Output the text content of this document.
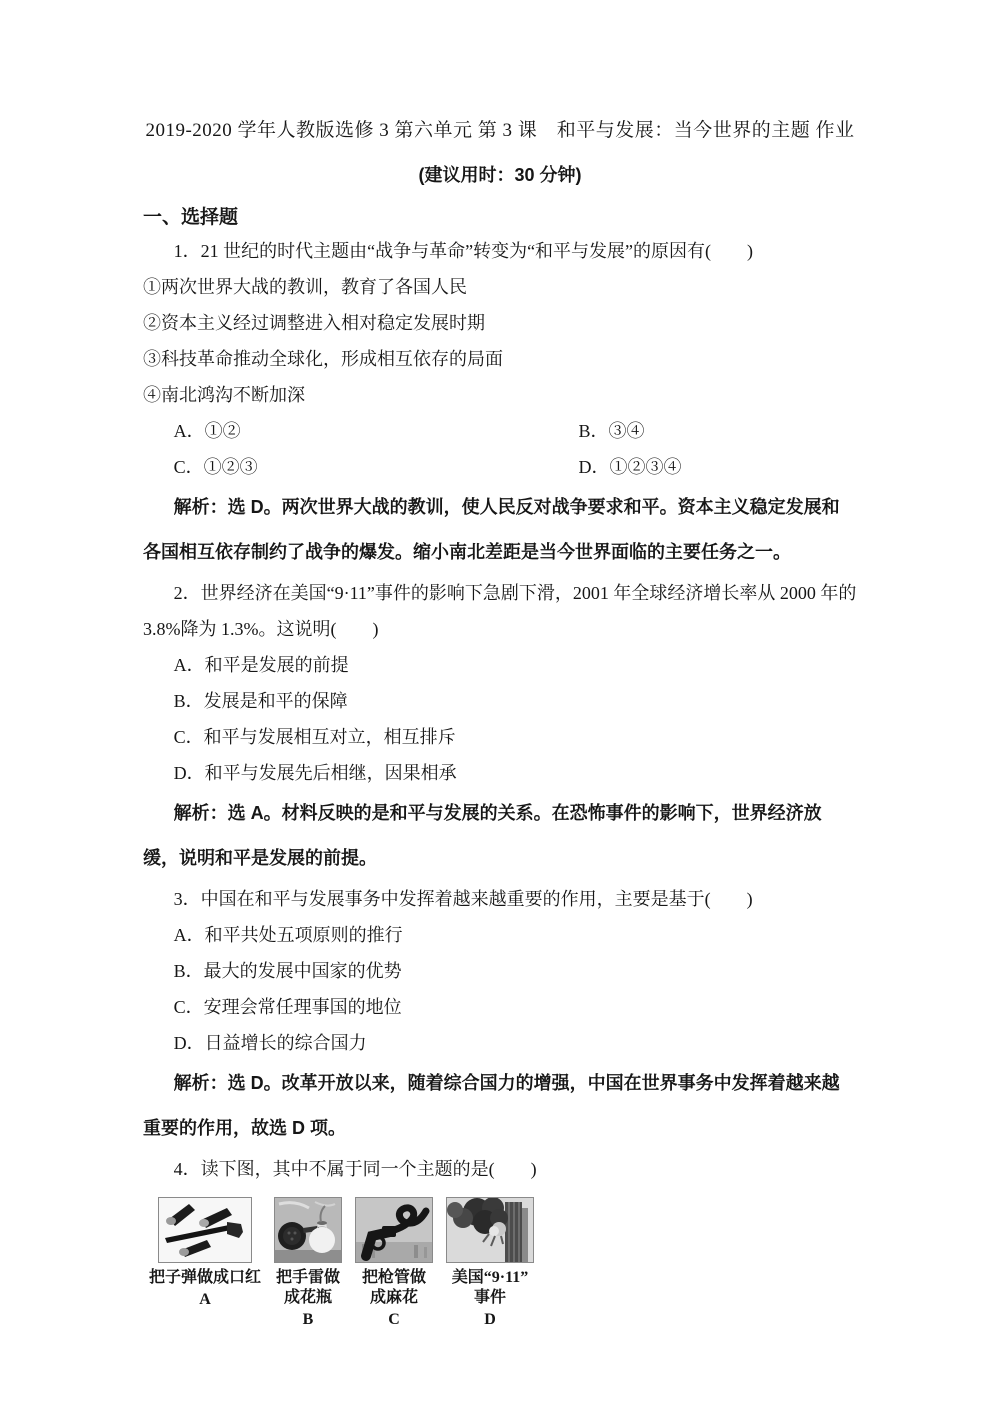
2019-2020 学年人教版选修 3 第六单元 第 3 课　和平与发展：当今世界的主题 作业
(建议用时：30 分钟)
一、选择题

1．21 世纪的时代主题由“战争与革命”转变为“和平与发展”的原因有(　　)

①两次世界大战的教训，教育了各国人民

②资本主义经过调整进入相对稳定发展时期

③科技革命推动全球化，形成相互依存的局面

④南北鸿沟不断加深

A．①②	B．③④
C．①②③	D．①②③④

解析：选 D。两次世界大战的教训，使人民反对战争要求和平。资本主义稳定发展和各国相互依存制约了战争的爆发。缩小南北差距是当今世界面临的主要任务之一。

2．世界经济在美国“9·11”事件的影响下急剧下滑，2001 年全球经济增长率从 2000 年的 3.8%降为 1.3%。这说明(　　)

A．和平是发展的前提

B．发展是和平的保障

C．和平与发展相互对立，相互排斥

D．和平与发展先后相继，因果相承

解析：选 A。材料反映的是和平与发展的关系。在恐怖事件的影响下，世界经济放缓，说明和平是发展的前提。

3．中国在和平与发展事务中发挥着越来越重要的作用，主要是基于(　　)

A．和平共处五项原则的推行

B．最大的发展中国家的优势

C．安理会常任理事国的地位

D．日益增长的综合国力

解析：选 D。改革开放以来，随着综合国力的增强，中国在世界事务中发挥着越来越重要的作用，故选 D 项。

4．读下图，其中不属于同一个主题的是(　　)

把子弹做成口红
A
把手雷做
成花瓶
B
把枪管做
成麻花
C
美国“9·11”
事件
D
